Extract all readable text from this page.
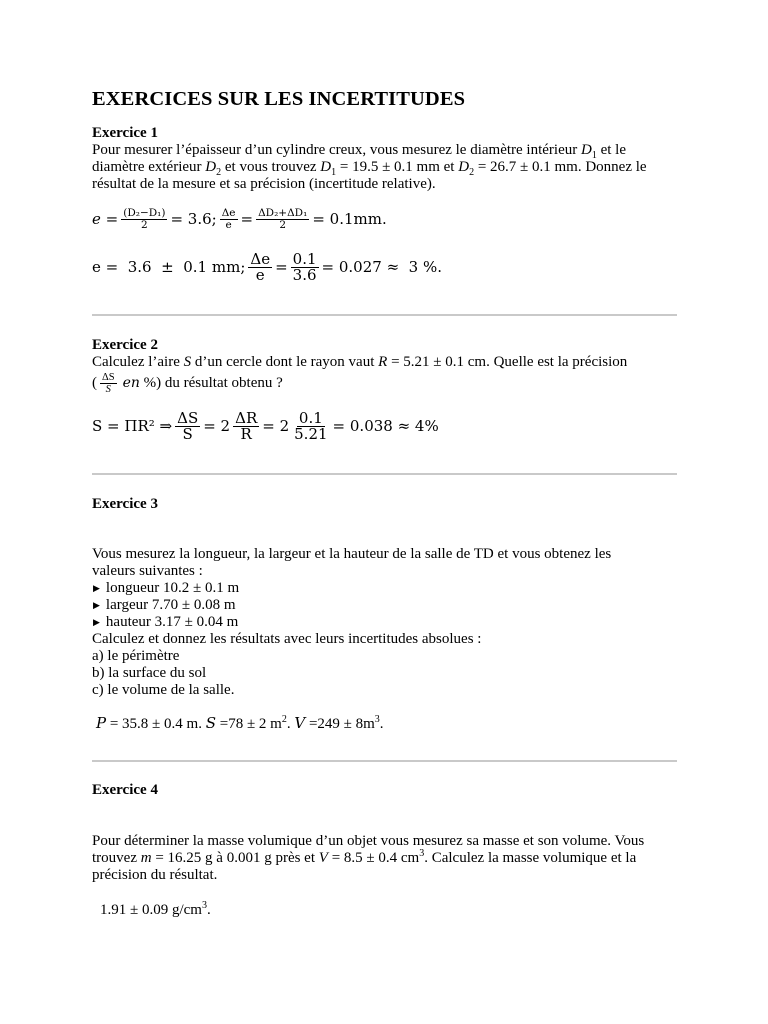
EXERCICES SUR LES INCERTITUDES

Exercice 1

Pour mesurer l’épaisseur d’un cylindre creux, vous mesurez le diamètre intérieur $D_1$ et le diamètre extérieur $D_2$ et vous trouvez $D_1 = 19.5 \pm 0.1$ mm et $D_2 = 26.7 \pm 0.1$ mm. Donnez le résultat de la mesure et sa précision (incertitude relative).

$e = \frac{\text{(D₂−D₁)}}{2} = 3.6$; $\frac{\Delta e}{e} = \frac{\text{ΔD₂+ΔD₁}}{2} = 0.1mm$.
e =  3.6  ±  0.1 mm; $\frac{\Delta e}{e} = \frac{0.1}{3.6} = 0.027 \approx 3$ %.

Exercice 2

Calculez l’aire S d’un cercle dont le rayon vaut R = 5.21 ± 0.1 cm. Quelle est la précision

( $\frac{\Delta S}{S}$ en %) du résultat obtenu ?

S = ΠR² ⇒ $\frac{\Delta S}{S} = 2 \frac{\Delta R}{R} = 2 \frac{0.1}{5.21} = 0.038 \approx 4\%$

Exercice 3

Vous mesurez la longueur, la largeur et la hauteur de la salle de TD et vous obtenez les valeurs suivantes :

▶ longueur 10.2 ± 0.1 m
▶ largeur 7.70 ± 0.08 m
▶ hauteur 3.17 ± 0.04 m

Calculez et donnez les résultats avec leurs incertitudes absolues :

a) le périmètre

b) la surface du sol

c) le volume de la salle.

P = 35.8 ± 0.4 m. S =78 ± 2 $m^2$. $V =249 \pm 8m^3$.

Exercice 4

Pour déterminer la masse volumique d’un objet vous mesurez sa masse et son volume. Vous trouvez m = 16.25 g à 0.001 g près et V = 8.5 ± 0.4 $cm^3$. Calculez la masse volumique et la précision du résultat.

1.91 ± 0.09 $g/cm^3$.
